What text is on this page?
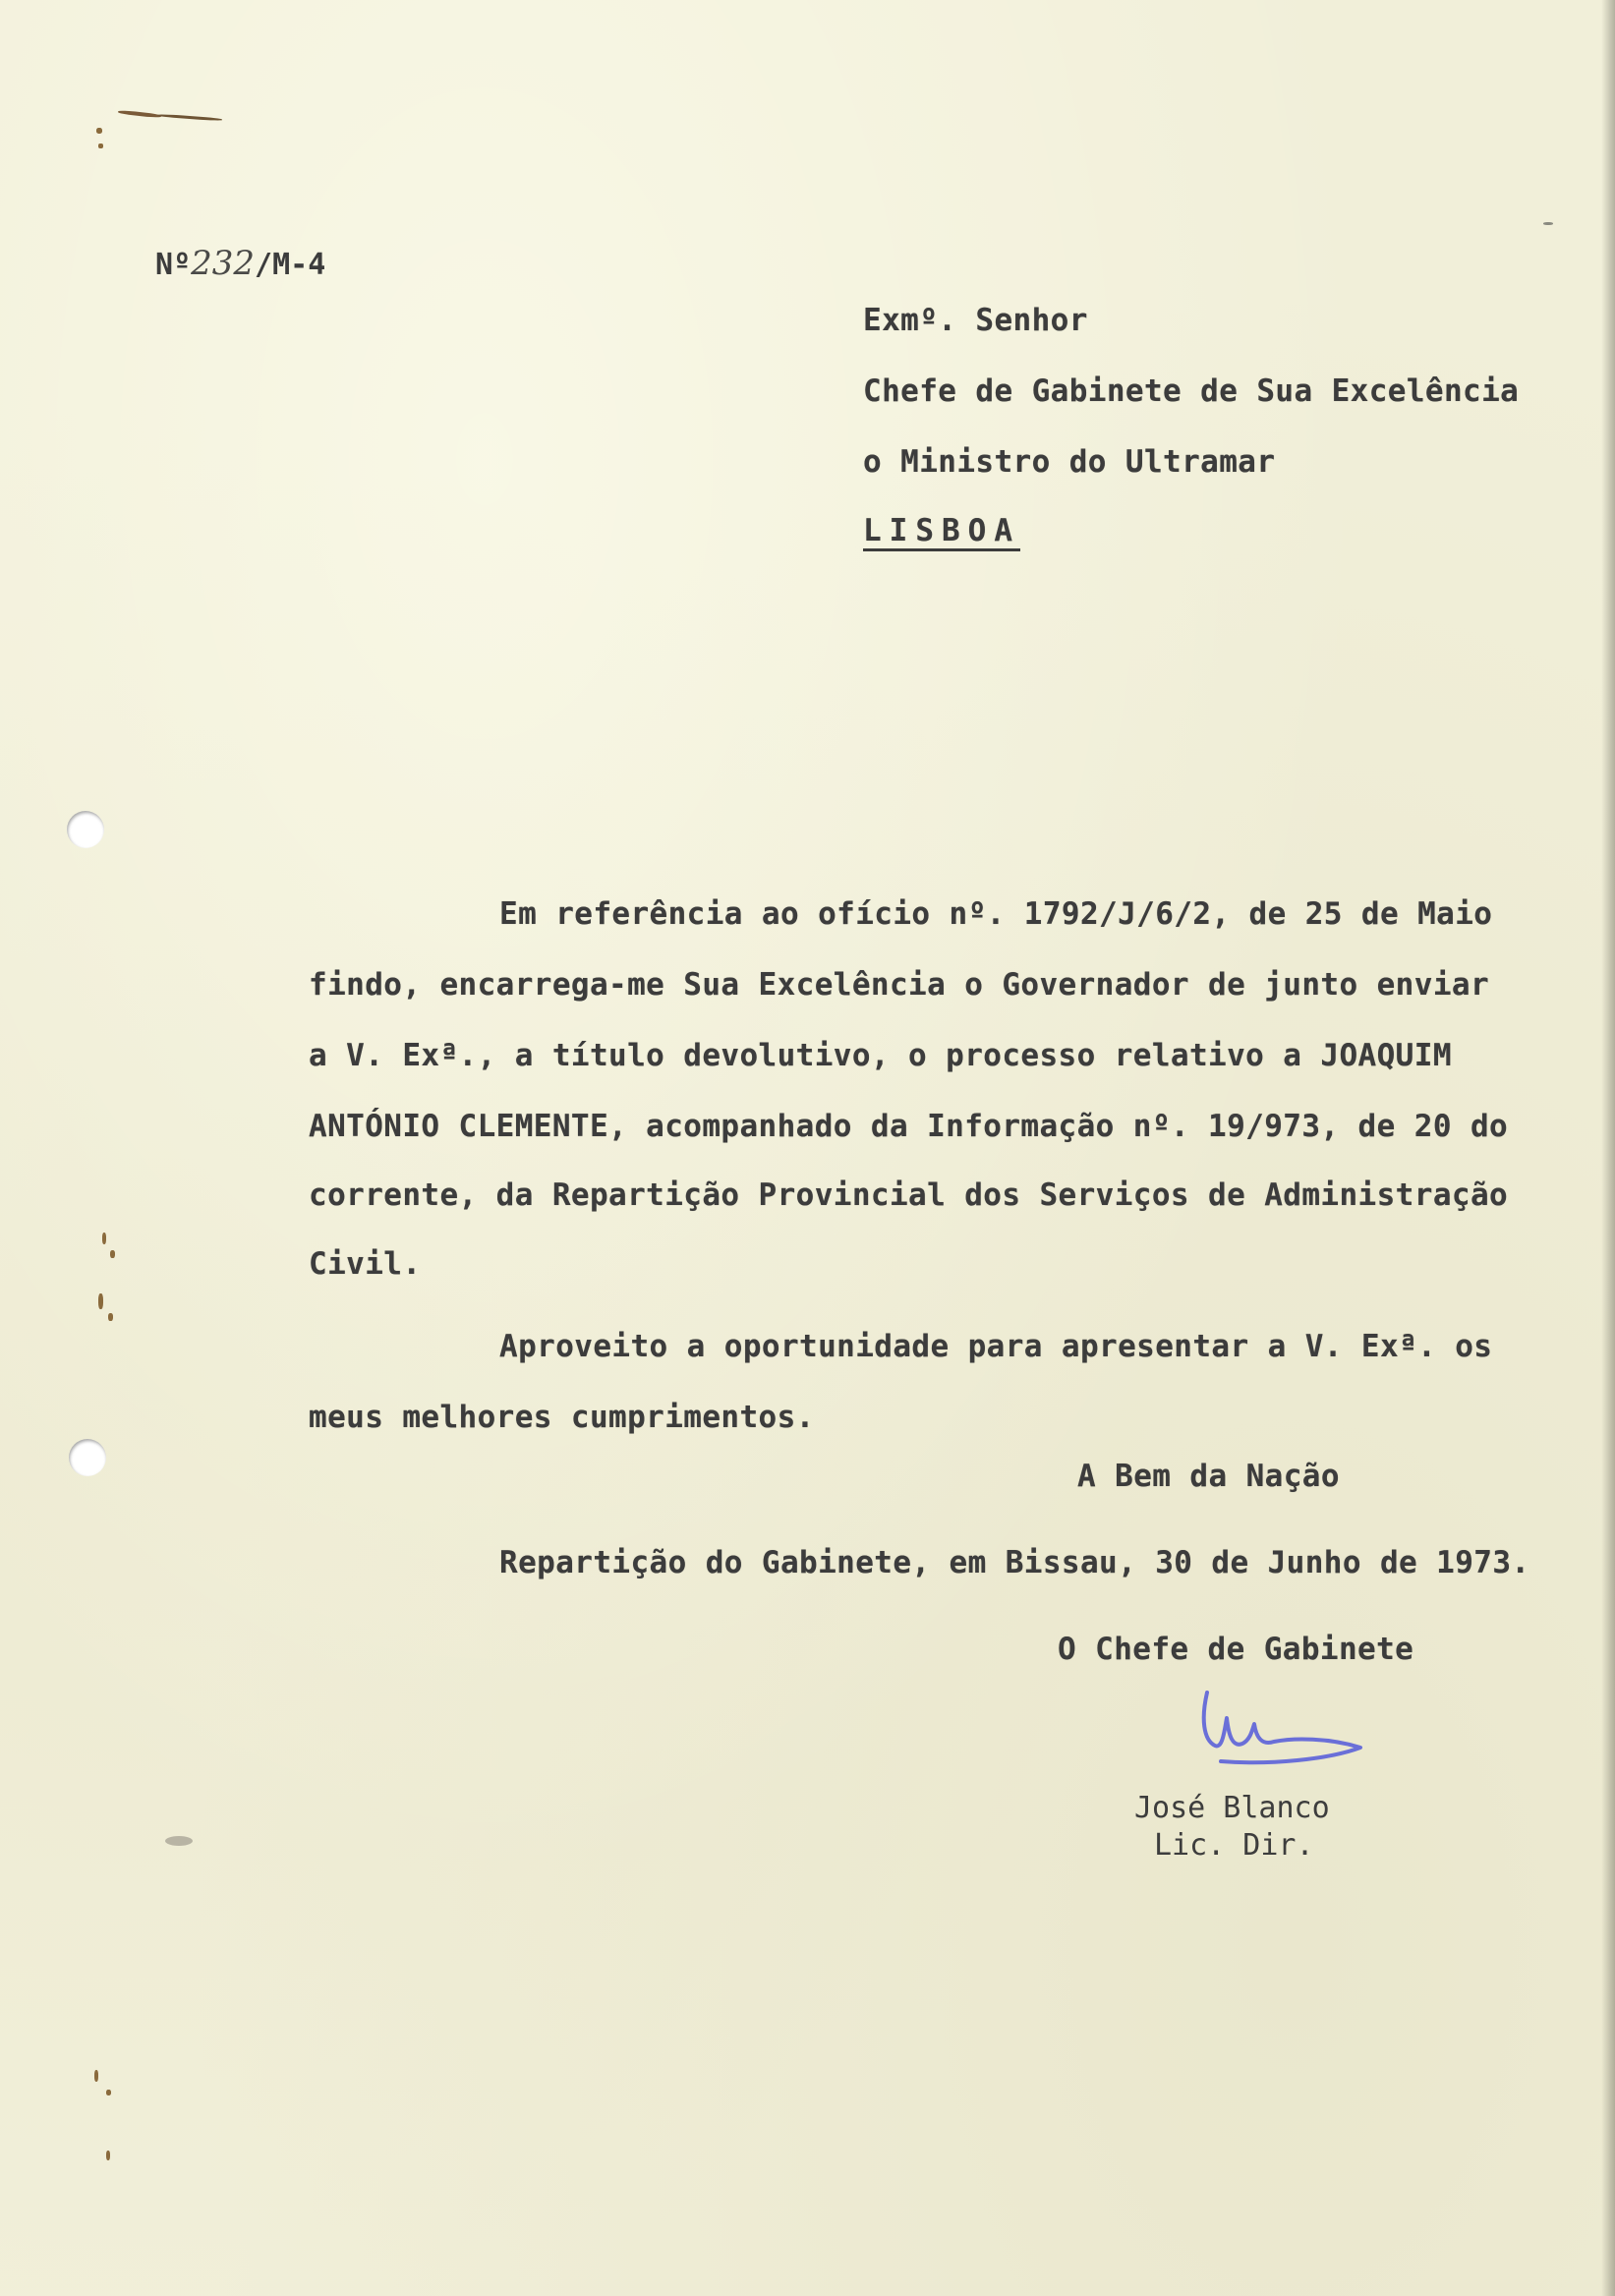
Nº232/M-4
Exmº. Senhor
Chefe de Gabinete de Sua Excelência
o Ministro do Ultramar
LISBOA
Em referência ao ofício nº. 1792/J/6/2, de 25 de Maio
findo, encarrega-me Sua Excelência o Governador de junto enviar
a V. Exª., a título devolutivo, o processo relativo a JOAQUIM
ANTÓNIO CLEMENTE, acompanhado da Informação nº. 19/973, de 20 do
corrente, da Repartição Provincial dos Serviços de Administração
Civil.
Aproveito a oportunidade para apresentar a V. Exª. os
meus melhores cumprimentos.
A Bem da Nação
Repartição do Gabinete, em Bissau, 30 de Junho de 1973.
O Chefe de Gabinete
José Blanco
Lic. Dir.
